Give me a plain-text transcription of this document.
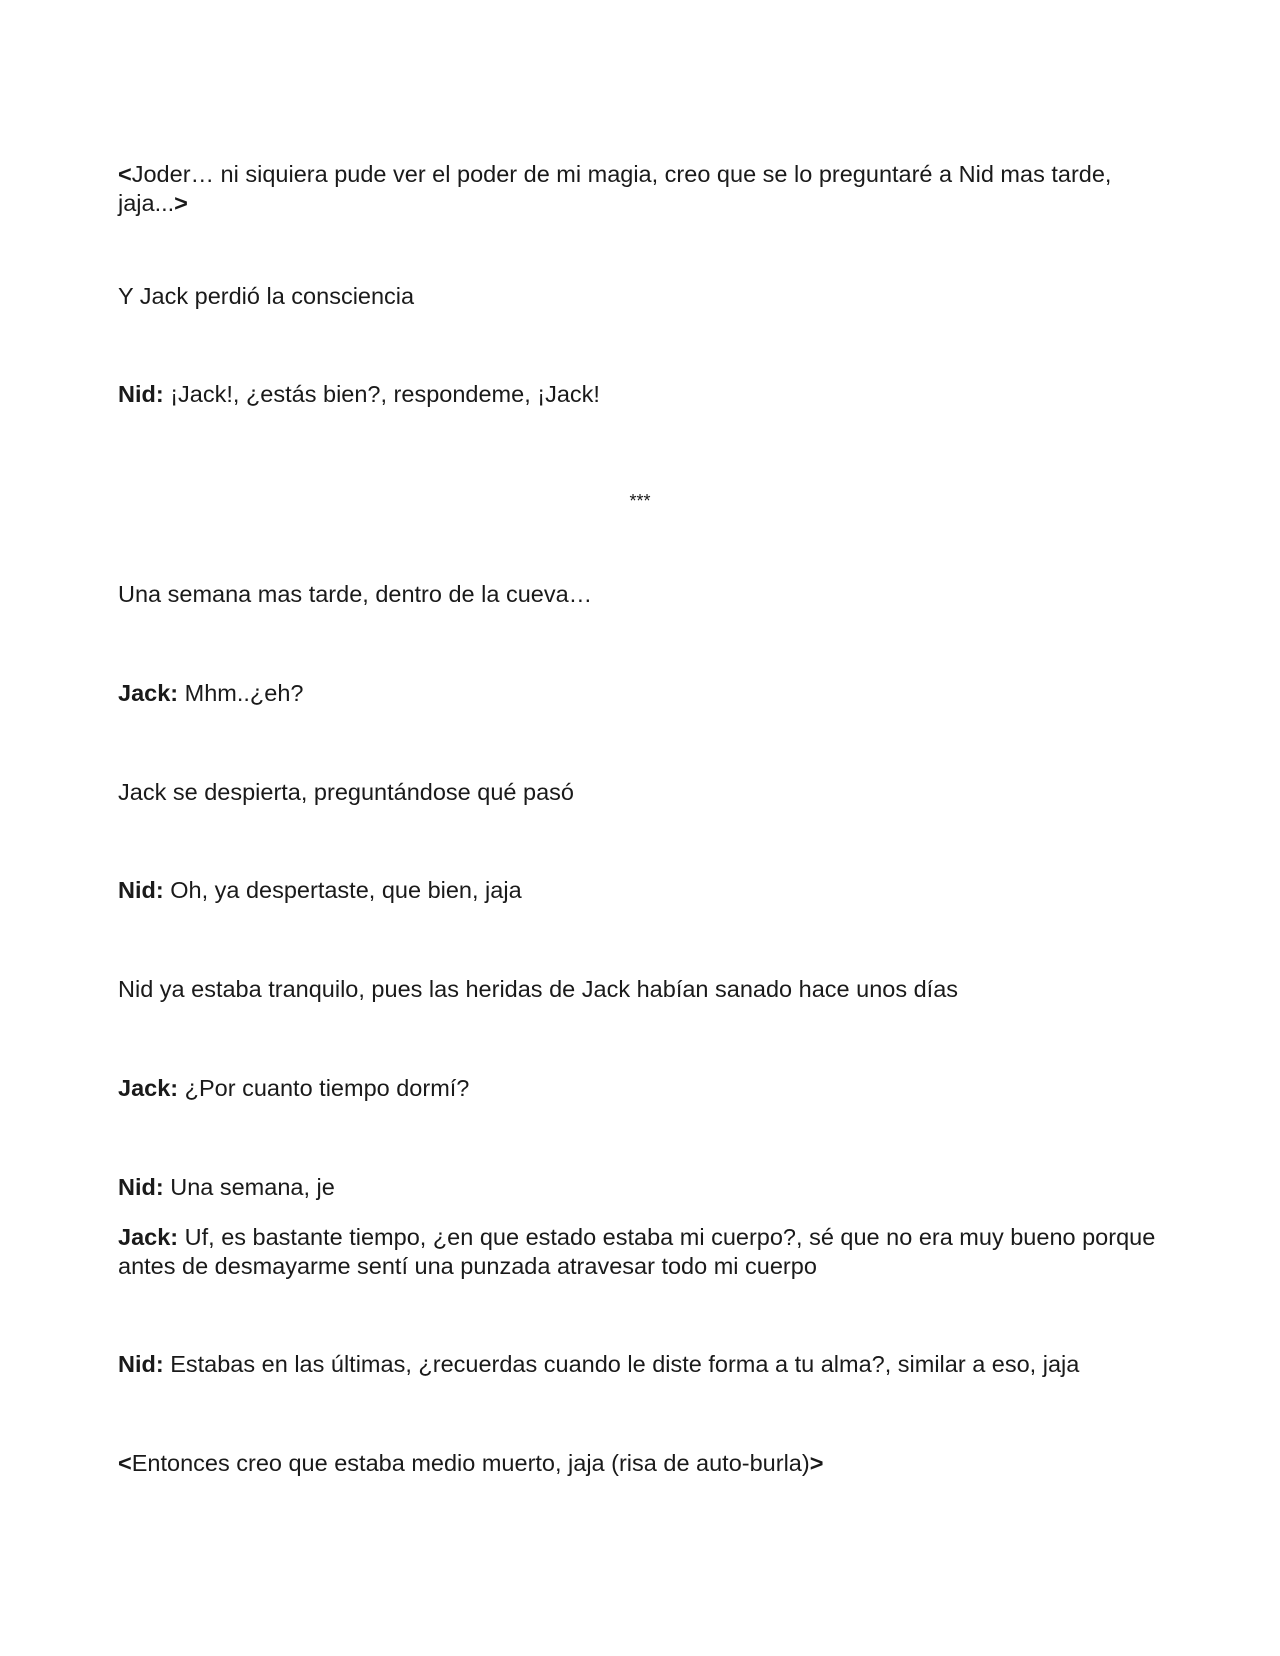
<Joder… ni siquiera pude ver el poder de mi magia, creo que se lo preguntaré a Nid mas tarde, jaja...>

Y Jack perdió la consciencia

Nid: ¡Jack!, ¿estás bien?, respondeme, ¡Jack!

***

Una semana mas tarde, dentro de la cueva…

Jack: Mhm..¿eh?

Jack se despierta, preguntándose qué pasó

Nid: Oh, ya despertaste, que bien, jaja

Nid ya estaba tranquilo, pues las heridas de Jack habían sanado hace unos días

Jack: ¿Por cuanto tiempo dormí?

Nid: Una semana, je

Jack: Uf, es bastante tiempo, ¿en que estado estaba mi cuerpo?, sé que no era muy bueno porque antes de desmayarme sentí una punzada atravesar todo mi cuerpo

Nid: Estabas en las últimas, ¿recuerdas cuando le diste forma a tu alma?, similar a eso, jaja

<Entonces creo que estaba medio muerto, jaja (risa de auto-burla)>
